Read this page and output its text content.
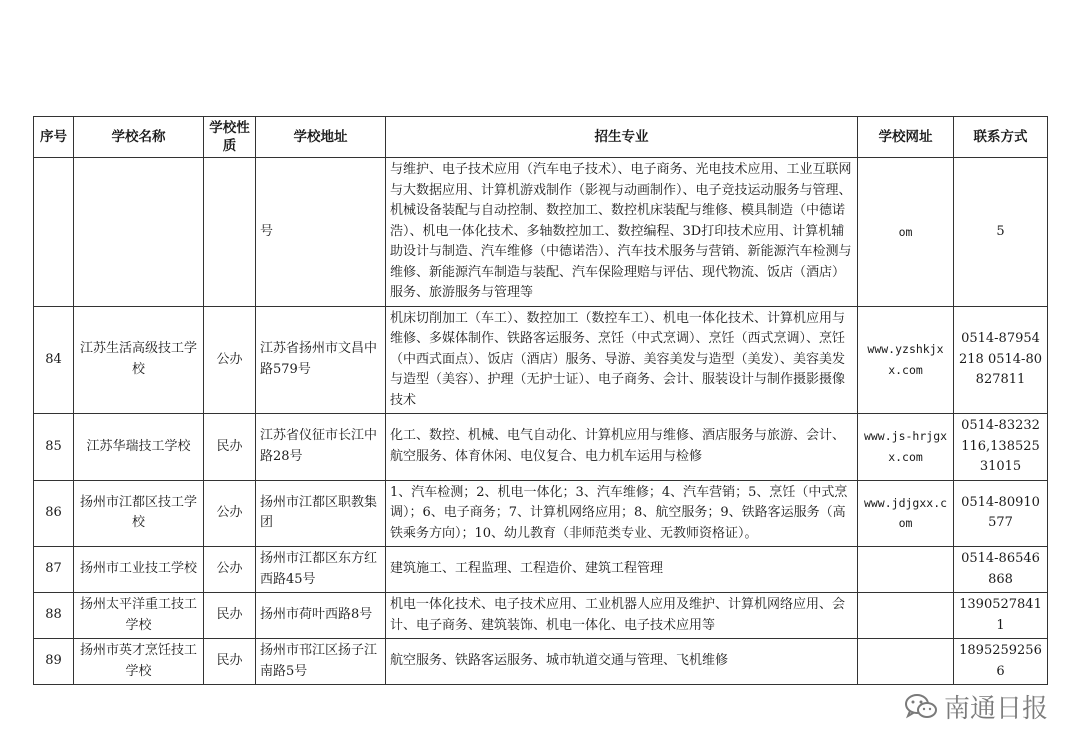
序号	学校名称	学校性质	学校地址	招生专业	学校网址	联系方式
			号	与维护、电子技术应用（汽车电子技术）、电子商务、光电技术应用、工业互联网与大数据应用、计算机游戏制作（影视与动画制作）、电子竞技运动服务与管理、机械设备装配与自动控制、数控加工、数控机床装配与维修、模具制造（中德诺浩）、机电一体化技术、多轴数控加工、数控编程、3D打印技术应用、计算机辅助设计与制造、汽车维修（中德诺浩）、汽车技术服务与营销、新能源汽车检测与维修、新能源汽车制造与装配、汽车保险理赔与评估、现代物流、饭店（酒店）服务、旅游服务与管理等	om	5
84	江苏生活高级技工学校	公办	江苏省扬州市文昌中路579号	机床切削加工（车工）、数控加工（数控车工）、机电一体化技术、计算机应用与维修、多媒体制作、铁路客运服务、烹饪（中式烹调）、烹饪（西式烹调）、烹饪（中西式面点）、饭店（酒店）服务、导游、美容美发与造型（美发）、美容美发与造型（美容）、护理（无护士证）、电子商务、会计、服装设计与制作摄影摄像技术	www.yzshkjxx.com	0514-87954218 0514-80827811
85	江苏华瑞技工学校	民办	江苏省仪征市长江中路28号	化工、数控、机械、电气自动化、计算机应用与维修、酒店服务与旅游、会计、航空服务、体育休闲、电仪复合、电力机车运用与检修	www.js-hrjgxx.com	0514-83232116,13852531015
86	扬州市江都区技工学校	公办	扬州市江都区职教集团	1、汽车检测；2、机电一体化；3、汽车维修；4、汽车营销；5、烹饪（中式烹调）；6、电子商务；7、计算机网络应用；8、航空服务；9、铁路客运服务（高铁乘务方向）；10、幼儿教育（非师范类专业、无教师资格证）。	www.jdjgxx.com	0514-80910577
87	扬州市工业技工学校	公办	扬州市江都区东方红西路45号	建筑施工、工程监理、工程造价、建筑工程管理		0514-86546868
88	扬州太平洋重工技工学校	民办	扬州市荷叶西路8号	机电一体化技术、电子技术应用、工业机器人应用及维护、计算机网络应用、会计、电子商务、建筑装饰、机电一体化、电子技术应用等		13905278411
89	扬州市英才烹饪技工学校	民办	扬州市邗江区扬子江南路5号	航空服务、铁路客运服务、城市轨道交通与管理、飞机维修		18952592566
南通日报
